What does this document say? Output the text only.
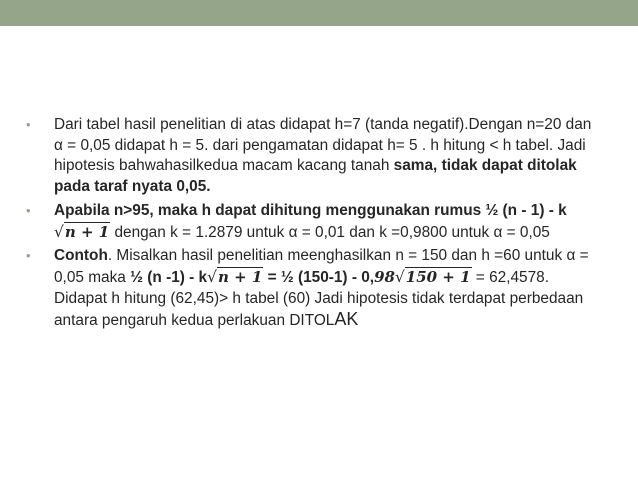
• Dari tabel hasil penelitian di atas didapat h=7 (tanda negatif).Dengan n=20 dan α = 0,05 didapat h = 5. dari pengamatan didapat h= 5 . h hitung < h tabel. Jadi hipotesis bahwahasilkedua macam kacang tanah sama, tidak dapat ditolak pada taraf nyata 0,05.
• Apabila n>95, maka h dapat dihitung menggunakan rumus ½ (n - 1) - k√n + 1 dengan k = 1.2879 untuk α = 0,01 dan k =0,9800 untuk α = 0,05
• Contoh. Misalkan hasil penelitian meenghasilkan n = 150 dan h =60 untuk α = 0,05 maka ½ (n -1) - k√n + 1 = ½ (150-1) - 0,98√150 + 1 = 62,4578. Didapat h hitung (62,45)> h tabel (60) Jadi hipotesis tidak terdapat perbedaan antara pengaruh kedua perlakuan DITOLAK
